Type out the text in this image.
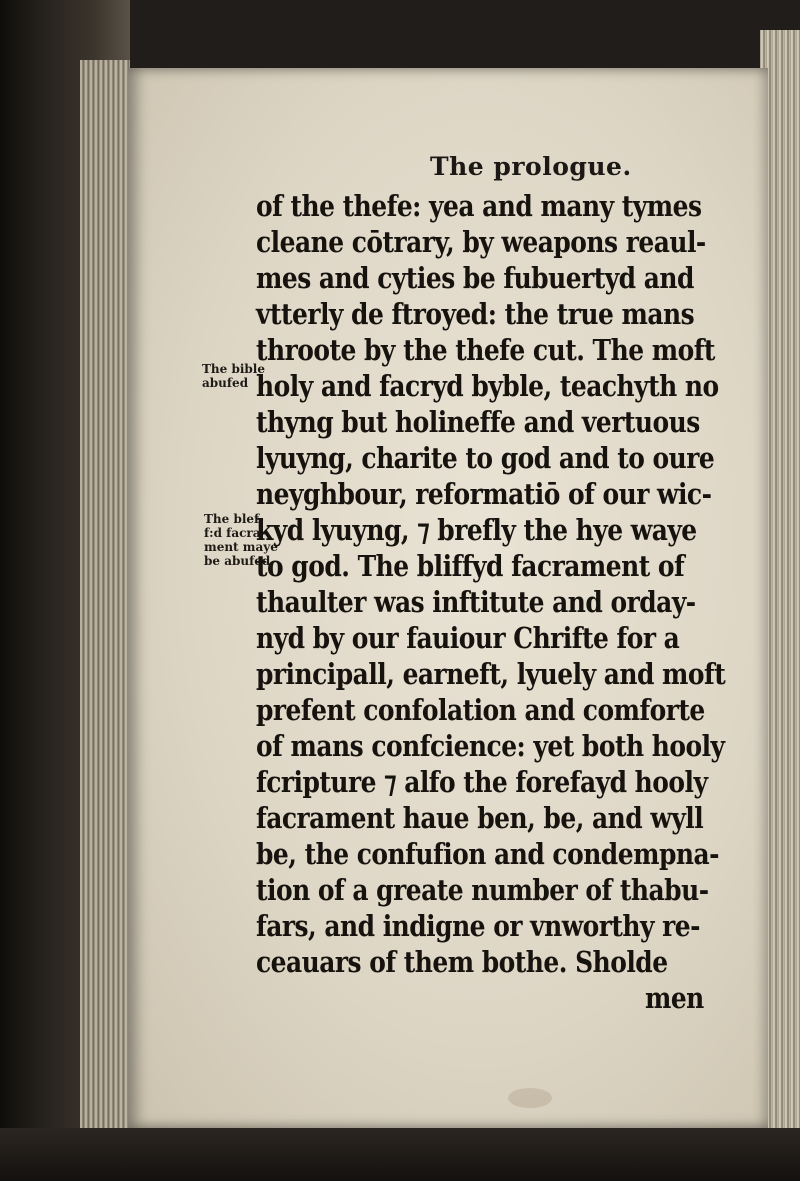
The prologue.
The bible
abufed
The blef-
f:d facra-
ment maye
be abufed.
of the thefe: yea and many tymes
cleane cōtrary, by weapons reaul-
mes and cyties be fubuertyd and
vtterly de ftroyed: the true mans
throote by the thefe cut. The moft
holy and facryd byble, teachyth no
thyng but holineffe and vertuous
lyuyng, charite to god and to oure
neyghbour, reformatiō of our wic-
kyd lyuyng, ⁊ brefly the hye waye
to god. The bliffyd facrament of
thaulter was inftitute and orday-
nyd by our fauiour Chrifte for a
principall, earneft, lyuely and moft
prefent confolation and comforte
of mans confcience: yet both hooly
fcripture ⁊ alfo the forefayd hooly
facrament haue ben, be, and wyll
be, the confufion and condempna-
tion of a greate number of thabu-
fars, and indigne or vnworthy re-
ceauars of them bothe. Sholde
men
